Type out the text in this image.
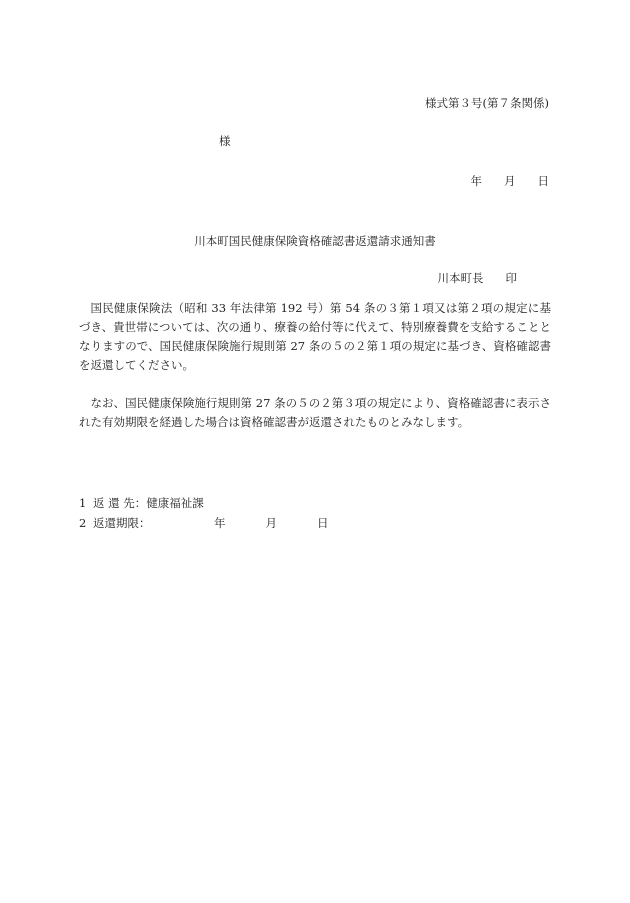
様式第３号(第７条関係)
様
年 月 日
川本町国民健康保険資格確認書返還請求通知書
川本町長 印

国民健康保険法（昭和 33 年法律第 192 号）第 54 条の３第１項又は第２項の規定に基づき、貴世帯については、次の通り、療養の給付等に代えて、特別療養費を支給することとなりますので、国民健康保険施行規則第 27 条の５の２第１項の規定に基づき、資格確認書を返還してください。

なお、国民健康保険施行規則第 27 条の５の２第３項の規定により、資格確認書に表示された有効期限を経過した場合は資格確認書が返還されたものとみなします。

1 返 還 先： 健康福祉課
2 返還期限：	年	月	日
